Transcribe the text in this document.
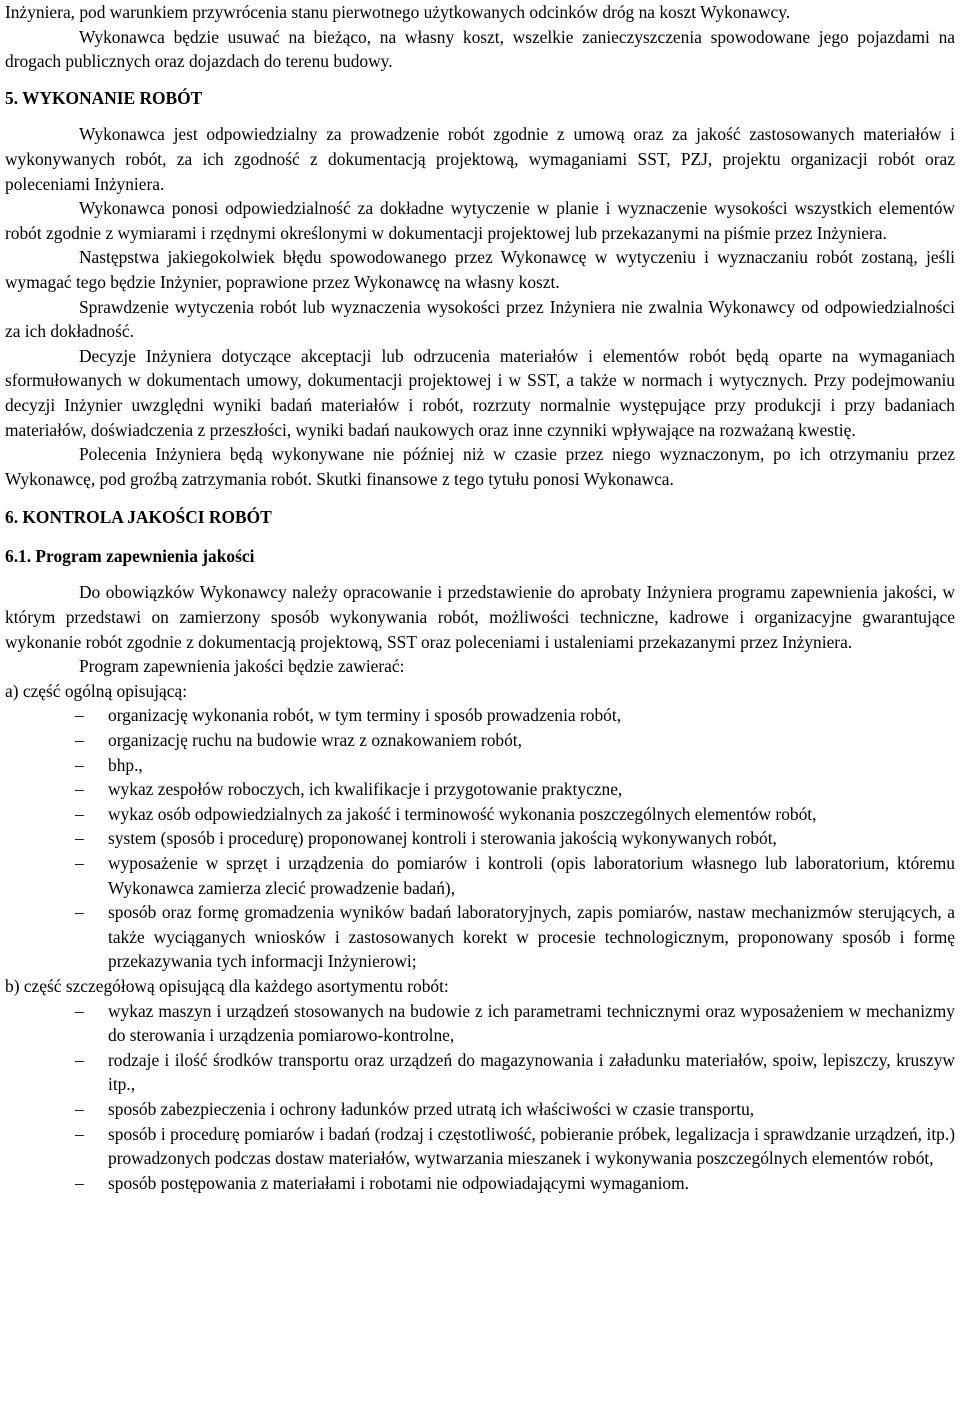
Inżyniera, pod warunkiem przywrócenia stanu pierwotnego użytkowanych odcinków dróg na koszt Wykonawcy.

Wykonawca będzie usuwać na bieżąco, na własny koszt, wszelkie zanieczyszczenia spowodowane jego pojazdami na drogach publicznych oraz dojazdach do terenu budowy.

5. WYKONANIE ROBÓT

Wykonawca jest odpowiedzialny za prowadzenie robót zgodnie z umową oraz za jakość zastosowanych materiałów i wykonywanych robót, za ich zgodność z dokumentacją projektową, wymaganiami SST, PZJ, projektu organizacji robót oraz poleceniami Inżyniera.

Wykonawca ponosi odpowiedzialność za dokładne wytyczenie w planie i wyznaczenie wysokości wszystkich elementów robót zgodnie z wymiarami i rzędnymi określonymi w dokumentacji projektowej lub przekazanymi na piśmie przez Inżyniera.

Następstwa jakiegokolwiek błędu spowodowanego przez Wykonawcę w wytyczeniu i wyznaczaniu robót zostaną, jeśli wymagać tego będzie Inżynier, poprawione przez Wykonawcę na własny koszt.

Sprawdzenie wytyczenia robót lub wyznaczenia wysokości przez Inżyniera nie zwalnia Wykonawcy od odpowiedzialności za ich dokładność.

Decyzje Inżyniera dotyczące akceptacji lub odrzucenia materiałów i elementów robót będą oparte na wymaganiach sformułowanych w dokumentach umowy, dokumentacji projektowej i w SST, a także w normach i wytycznych. Przy podejmowaniu decyzji Inżynier uwzględni wyniki badań materiałów i robót, rozrzuty normalnie występujące przy produkcji i przy badaniach materiałów, doświadczenia z przeszłości, wyniki badań naukowych oraz inne czynniki wpływające na rozważaną kwestię.

Polecenia Inżyniera będą wykonywane nie później niż w czasie przez niego wyznaczonym, po ich otrzymaniu przez Wykonawcę, pod groźbą zatrzymania robót. Skutki finansowe z tego tytułu ponosi Wykonawca.

6. KONTROLA JAKOŚCI ROBÓT
6.1. Program zapewnienia jakości

Do obowiązków Wykonawcy należy opracowanie i przedstawienie do aprobaty Inżyniera programu zapewnienia jakości, w którym przedstawi on zamierzony sposób wykonywania robót, możliwości techniczne, kadrowe i organizacyjne gwarantujące wykonanie robót zgodnie z dokumentacją projektową, SST oraz poleceniami i ustaleniami przekazanymi przez Inżyniera.

Program zapewnienia jakości będzie zawierać:

a) część ogólną opisującą:

– organizację wykonania robót, w tym terminy i sposób prowadzenia robót,
– organizację ruchu na budowie wraz z oznakowaniem robót,
– bhp.,
– wykaz zespołów roboczych, ich kwalifikacje i przygotowanie praktyczne,
– wykaz osób odpowiedzialnych za jakość i terminowość wykonania poszczególnych elementów robót,
– system (sposób i procedurę) proponowanej kontroli i sterowania jakością wykonywanych robót,
– wyposażenie w sprzęt i urządzenia do pomiarów i kontroli (opis laboratorium własnego lub laboratorium, któremu Wykonawca zamierza zlecić prowadzenie badań),
– sposób oraz formę gromadzenia wyników badań laboratoryjnych, zapis pomiarów, nastaw mechanizmów sterujących, a także wyciąganych wniosków i zastosowanych korekt w procesie technologicznym, proponowany sposób i formę przekazywania tych informacji Inżynierowi;

b) część szczegółową opisującą dla każdego asortymentu robót:

– wykaz maszyn i urządzeń stosowanych na budowie z ich parametrami technicznymi oraz wyposażeniem w mechanizmy do sterowania i urządzenia pomiarowo-kontrolne,
– rodzaje i ilość środków transportu oraz urządzeń do magazynowania i załadunku materiałów, spoiw, lepiszczy, kruszyw itp.,
– sposób zabezpieczenia i ochrony ładunków przed utratą ich właściwości w czasie transportu,
– sposób i procedurę pomiarów i badań (rodzaj i częstotliwość, pobieranie próbek, legalizacja i sprawdzanie urządzeń, itp.) prowadzonych podczas dostaw materiałów, wytwarzania mieszanek i wykonywania poszczególnych elementów robót,
– sposób postępowania z materiałami i robotami nie odpowiadającymi wymaganiom.
